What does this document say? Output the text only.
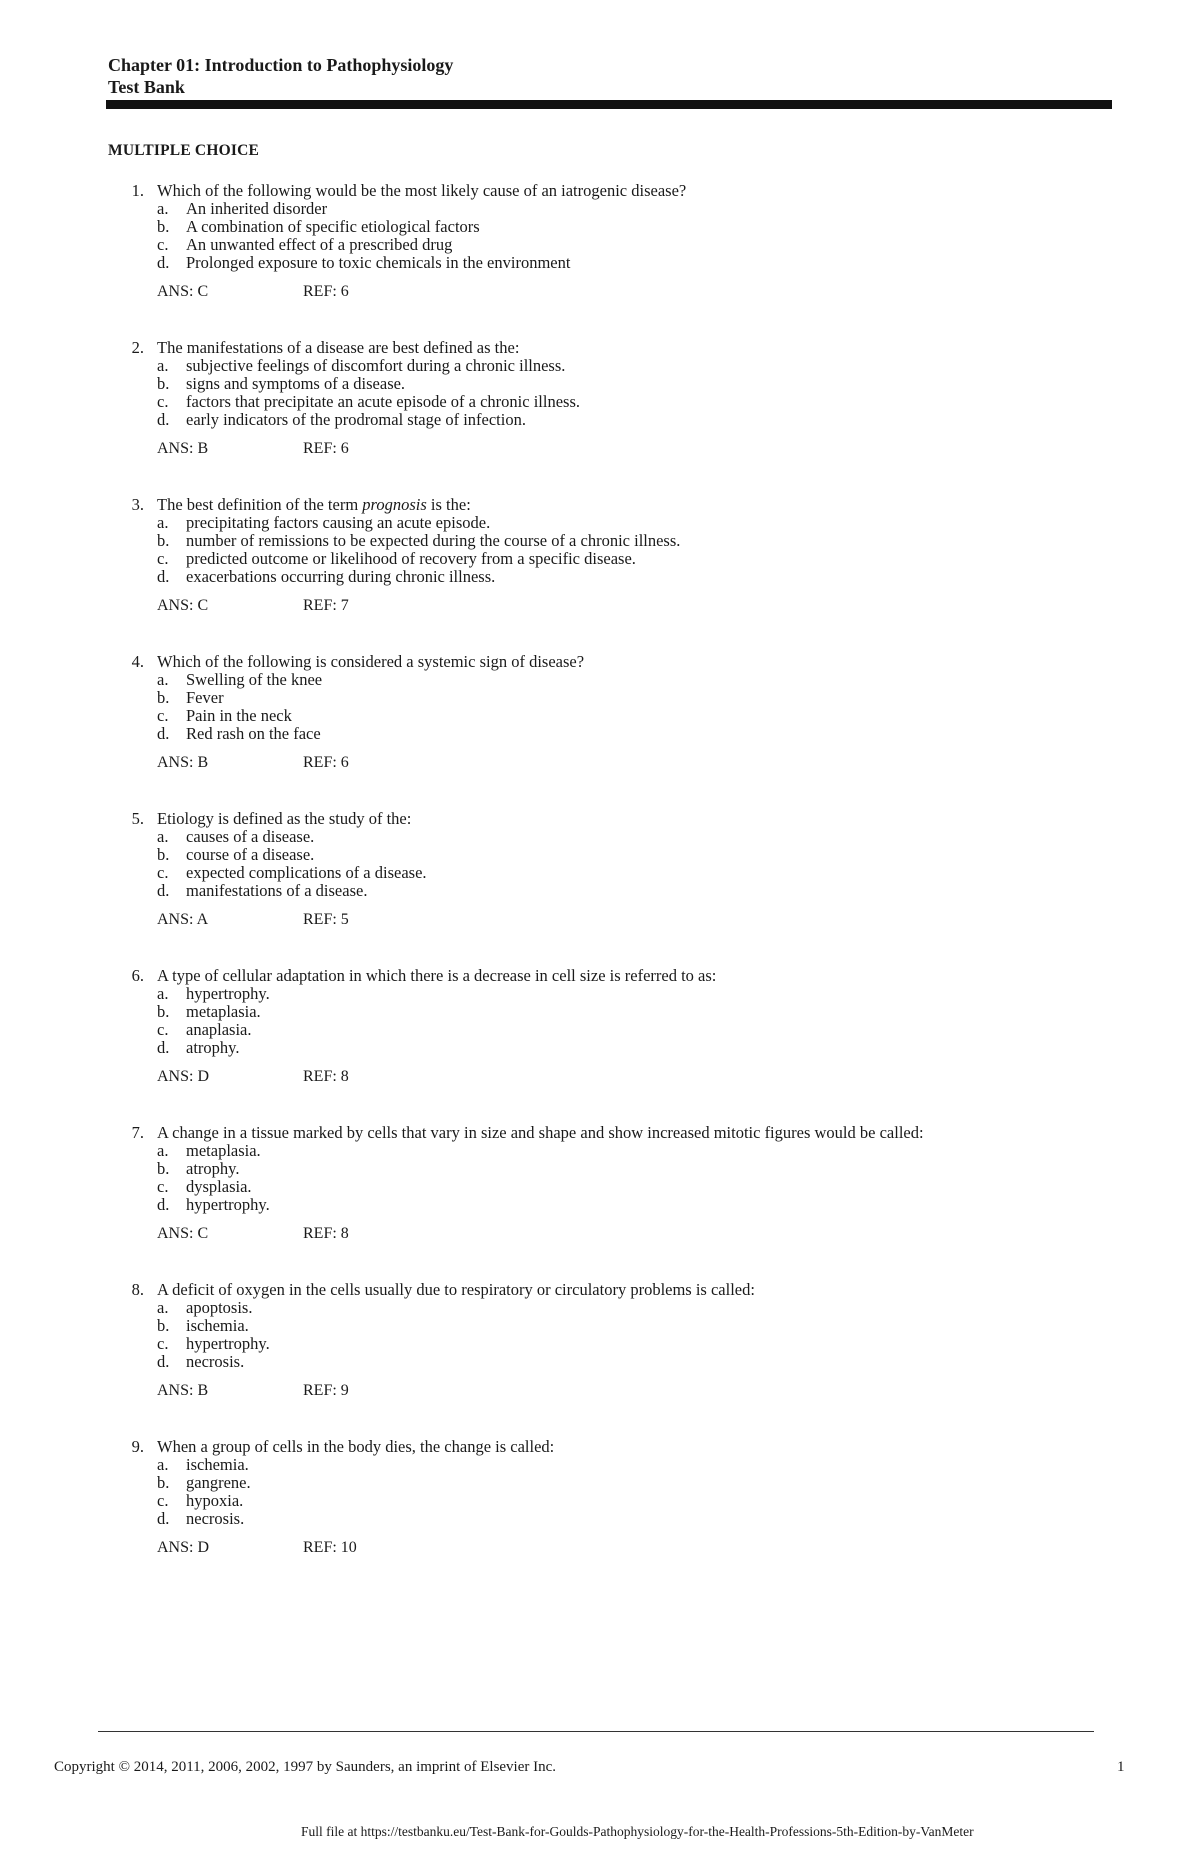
Chapter 01: Introduction to Pathophysiology
Test Bank
MULTIPLE CHOICE
1. Which of the following would be the most likely cause of an iatrogenic disease?
a. An inherited disorder
b. A combination of specific etiological factors
c. An unwanted effect of a prescribed drug
d. Prolonged exposure to toxic chemicals in the environment
ANS: C	REF: 6
2. The manifestations of a disease are best defined as the:
a. subjective feelings of discomfort during a chronic illness.
b. signs and symptoms of a disease.
c. factors that precipitate an acute episode of a chronic illness.
d. early indicators of the prodromal stage of infection.
ANS: B	REF: 6
3. The best definition of the term prognosis is the:
a. precipitating factors causing an acute episode.
b. number of remissions to be expected during the course of a chronic illness.
c. predicted outcome or likelihood of recovery from a specific disease.
d. exacerbations occurring during chronic illness.
ANS: C	REF: 7
4. Which of the following is considered a systemic sign of disease?
a. Swelling of the knee
b. Fever
c. Pain in the neck
d. Red rash on the face
ANS: B	REF: 6
5. Etiology is defined as the study of the:
a. causes of a disease.
b. course of a disease.
c. expected complications of a disease.
d. manifestations of a disease.
ANS: A	REF: 5
6. A type of cellular adaptation in which there is a decrease in cell size is referred to as:
a. hypertrophy.
b. metaplasia.
c. anaplasia.
d. atrophy.
ANS: D	REF: 8
7. A change in a tissue marked by cells that vary in size and shape and show increased mitotic figures would be called:
a. metaplasia.
b. atrophy.
c. dysplasia.
d. hypertrophy.
ANS: C	REF: 8
8. A deficit of oxygen in the cells usually due to respiratory or circulatory problems is called:
a. apoptosis.
b. ischemia.
c. hypertrophy.
d. necrosis.
ANS: B	REF: 9
9. When a group of cells in the body dies, the change is called:
a. ischemia.
b. gangrene.
c. hypoxia.
d. necrosis.
ANS: D	REF: 10
Copyright © 2014, 2011, 2006, 2002, 1997 by Saunders, an imprint of Elsevier Inc.	1
Full file at https://testbanku.eu/Test-Bank-for-Goulds-Pathophysiology-for-the-Health-Professions-5th-Edition-by-VanMeter
